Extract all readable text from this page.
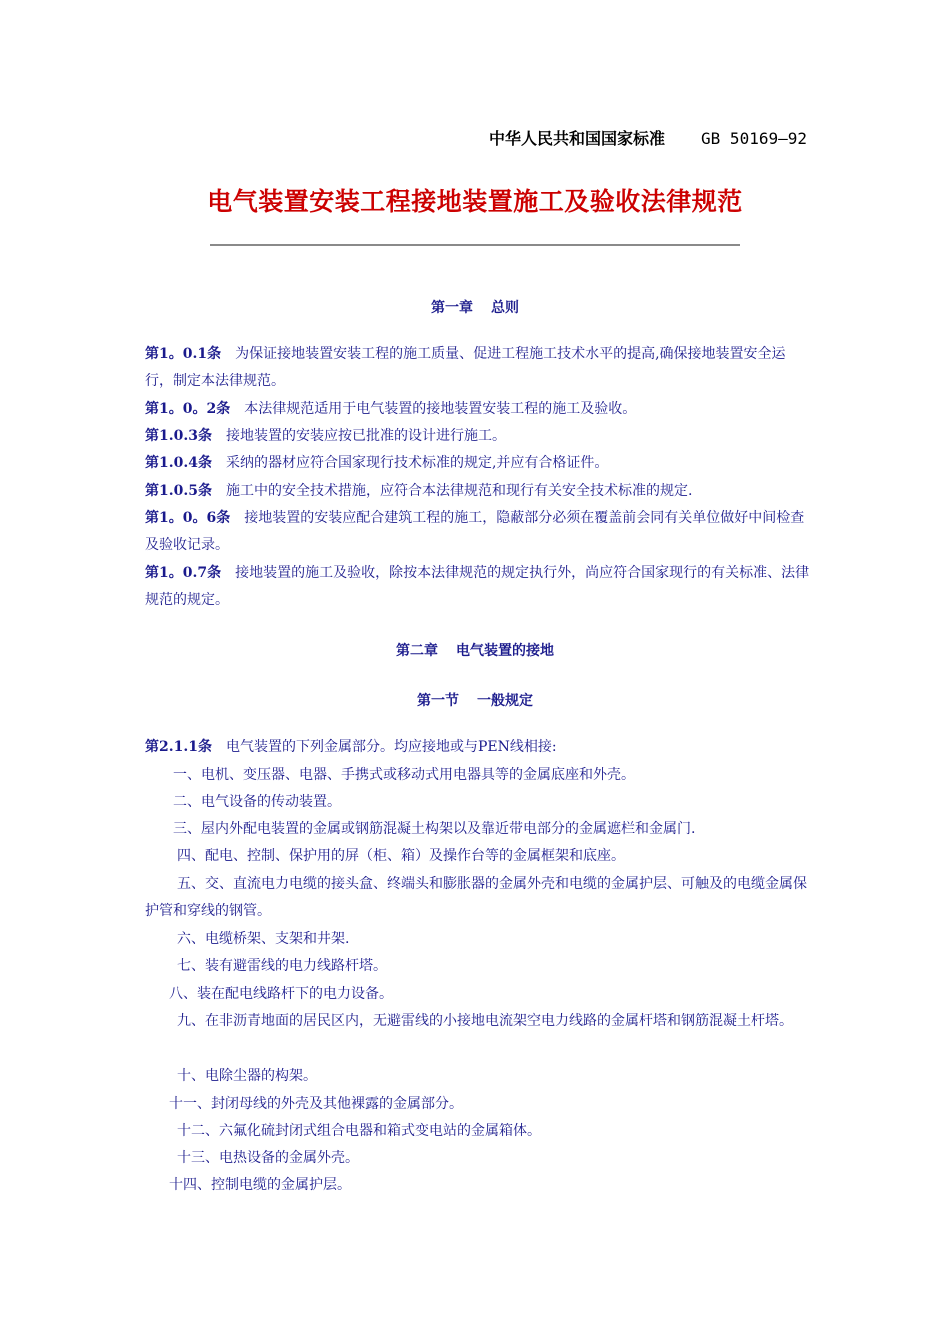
中华人民共和国国家标准 GB 50169—92
电气装置安装工程接地装置施工及验收法律规范
第一章 总则
第1。0.1条 为保证接地装置安装工程的施工质量、促进工程施工技术水平的提高,确保接地装置安全运行，制定本法律规范。
第1。0。2条 本法律规范适用于电气装置的接地装置安装工程的施工及验收。
第1.0.3条 接地装置的安装应按已批准的设计进行施工。
第1.0.4条 采纳的器材应符合国家现行技术标准的规定,并应有合格证件。
第1.0.5条 施工中的安全技术措施，应符合本法律规范和现行有关安全技术标准的规定.
第1。0。6条 接地装置的安装应配合建筑工程的施工，隐蔽部分必须在覆盖前会同有关单位做好中间检查及验收记录。
第1。0.7条 接地装置的施工及验收，除按本法律规范的规定执行外，尚应符合国家现行的有关标准、法律规范的规定。
第二章 电气装置的接地
第一节 一般规定
第2.1.1条 电气装置的下列金属部分。均应接地或与PEN线相接:
一、电机、变压器、电器、手携式或移动式用电器具等的金属底座和外壳。
二、电气设备的传动装置。
三、屋内外配电装置的金属或钢筋混凝土构架以及靠近带电部分的金属遮栏和金属门.
四、配电、控制、保护用的屏（柜、箱）及操作台等的金属框架和底座。
五、交、直流电力电缆的接头盒、终端头和膨胀器的金属外壳和电缆的金属护层、可触及的电缆金属保护管和穿线的钢管。
六、电缆桥架、支架和井架.
七、装有避雷线的电力线路杆塔。
八、装在配电线路杆下的电力设备。
九、在非沥青地面的居民区内，无避雷线的小接地电流架空电力线路的金属杆塔和钢筋混凝土杆塔。
十、电除尘器的构架。
十一、封闭母线的外壳及其他裸露的金属部分。
十二、六氟化硫封闭式组合电器和箱式变电站的金属箱体。
十三、电热设备的金属外壳。
十四、控制电缆的金属护层。
